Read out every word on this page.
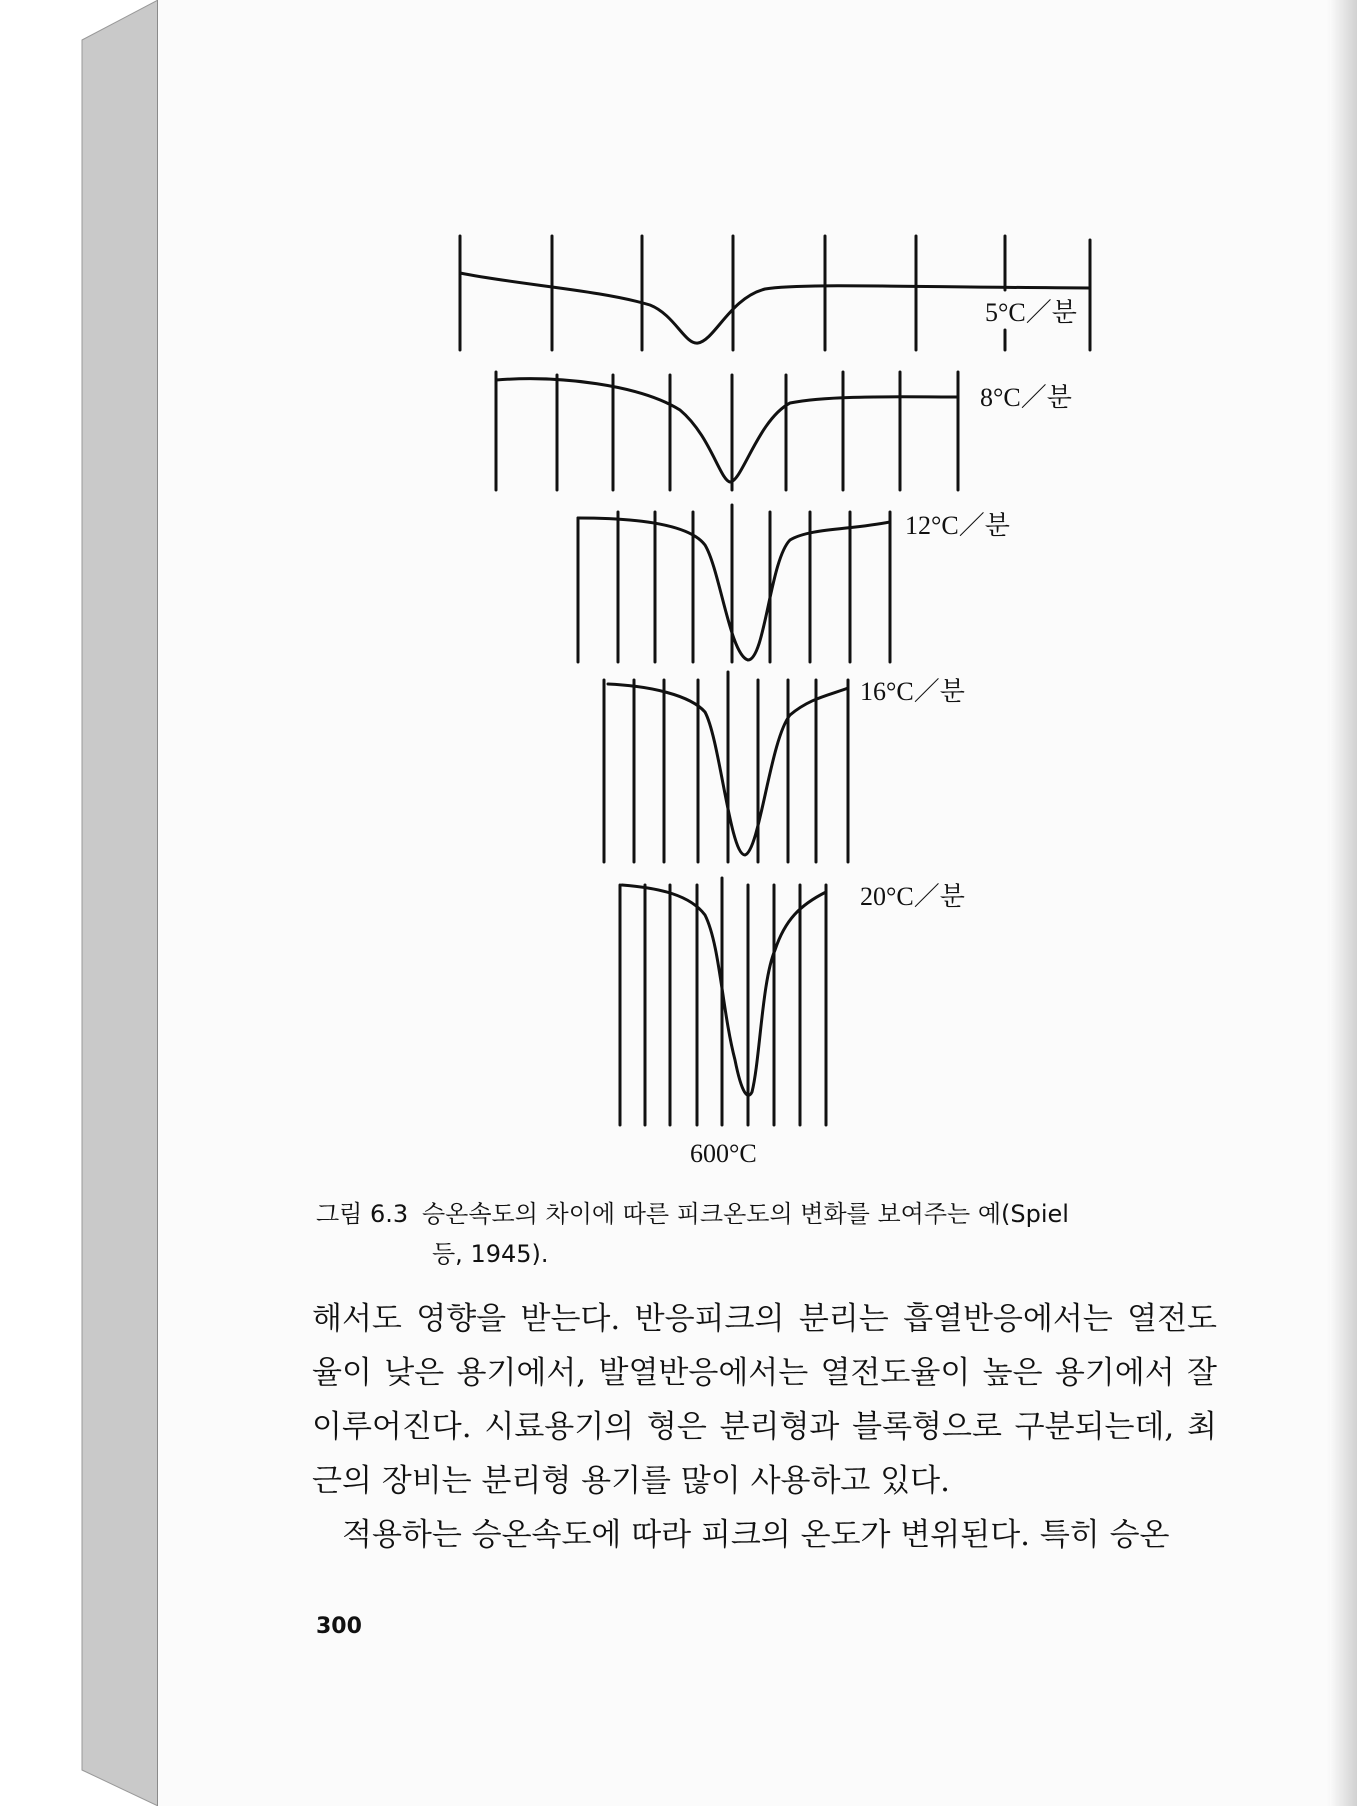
5°C／분
8°C／분
12°C／분
16°C／분
20°C／분
600°C
그림 6.3 승온속도의 차이에 따른 피크온도의 변화를 보여주는 예(Spiel
등, 1945).

해서도 영향을 받는다. 반응피크의 분리는 흡열반응에서는 열전도율이 낮은 용기에서, 발열반응에서는 열전도율이 높은 용기에서 잘 이루어진다. 시료용기의 형은 분리형과 블록형으로 구분되는데, 최근의 장비는 분리형 용기를 많이 사용하고 있다.

적용하는 승온속도에 따라 피크의 온도가 변위된다. 특히 승온

300
